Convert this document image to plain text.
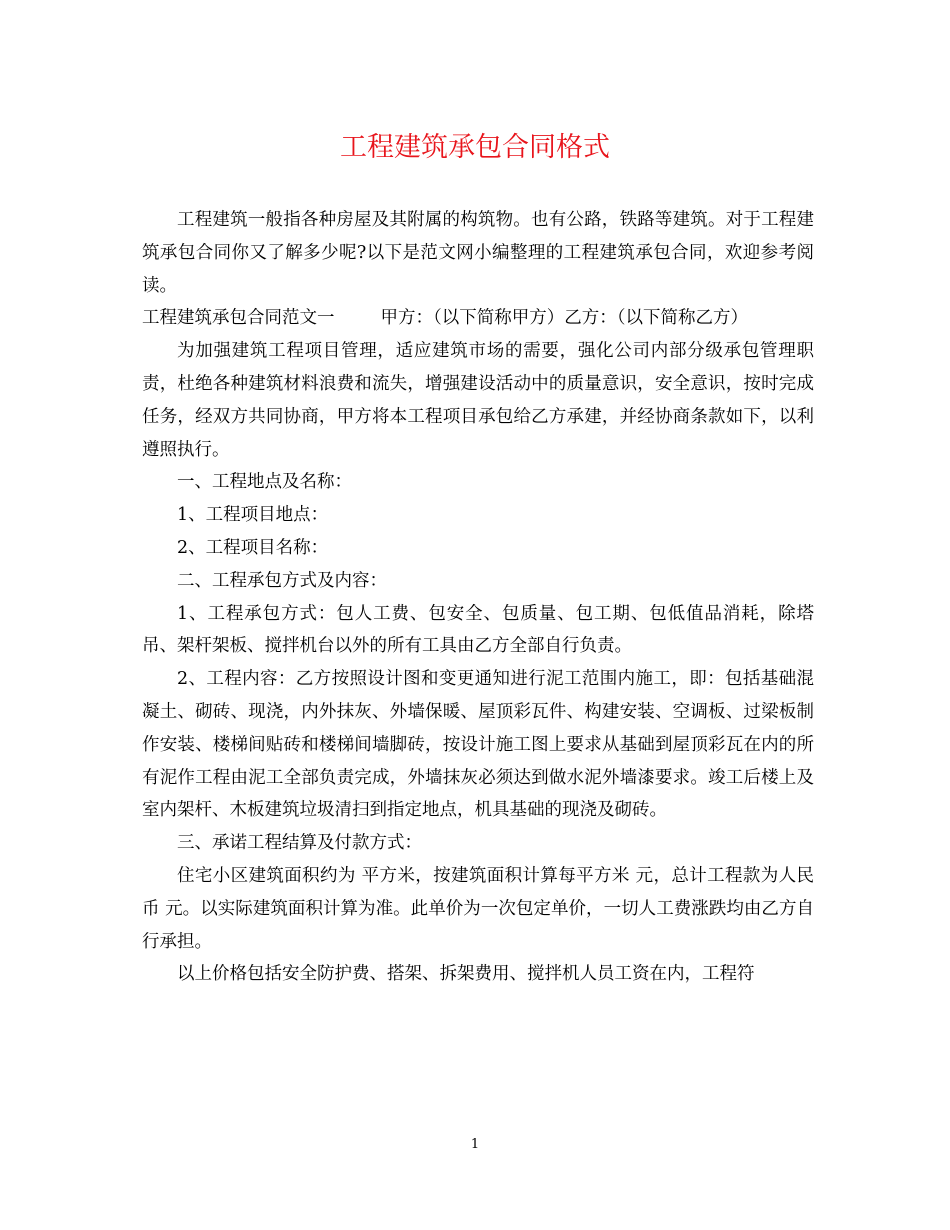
工程建筑承包合同格式

工程建筑一般指各种房屋及其附属的构筑物。也有公路，铁路等建筑。对于工程建筑承包合同你又了解多少呢?以下是范文网小编整理的工程建筑承包合同，欢迎参考阅读。

工程建筑承包合同范文一	甲方：（以下简称甲方）乙方：（以下简称乙方）

为加强建筑工程项目管理，适应建筑市场的需要，强化公司内部分级承包管理职责，杜绝各种建筑材料浪费和流失，增强建设活动中的质量意识，安全意识，按时完成任务，经双方共同协商，甲方将本工程项目承包给乙方承建，并经协商条款如下，以利遵照执行。

一、工程地点及名称：

1、工程项目地点：

2、工程项目名称：

二、工程承包方式及内容：

1、工程承包方式：包人工费、包安全、包质量、包工期、包低值品消耗，除塔吊、架杆架板、搅拌机台以外的所有工具由乙方全部自行负责。

2、工程内容：乙方按照设计图和变更通知进行泥工范围内施工，即：包括基础混凝土、砌砖、现浇，内外抹灰、外墙保暖、屋顶彩瓦件、构建安装、空调板、过梁板制作安装、楼梯间贴砖和楼梯间墙脚砖，按设计施工图上要求从基础到屋顶彩瓦在内的所有泥作工程由泥工全部负责完成，外墙抹灰必须达到做水泥外墙漆要求。竣工后楼上及室内架杆、木板建筑垃圾清扫到指定地点，机具基础的现浇及砌砖。

三、承诺工程结算及付款方式：

住宅小区建筑面积约为 平方米，按建筑面积计算每平方米 元，总计工程款为人民币 元。以实际建筑面积计算为准。此单价为一次包定单价，一切人工费涨跌均由乙方自行承担。

以上价格包括安全防护费、搭架、拆架费用、搅拌机人员工资在内，工程符

1
